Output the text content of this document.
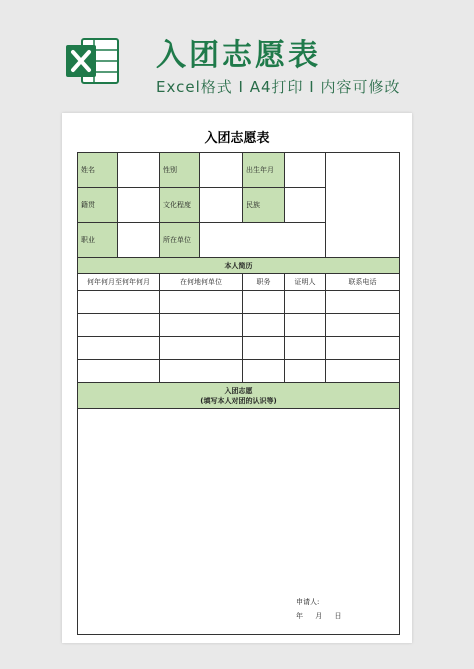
入团志愿表
Excel格式 I A4打印 I 内容可修改
入团志愿表
姓名		性别		出生年月		
籍贯		文化程度		民族		
职业		所在单位				
本人简历						
何年何月至何年何月		在何地何单位		职务	证明人	联系电话

入团志愿
(填写本人对团的认识等)						

申请人:
年 月 日						
